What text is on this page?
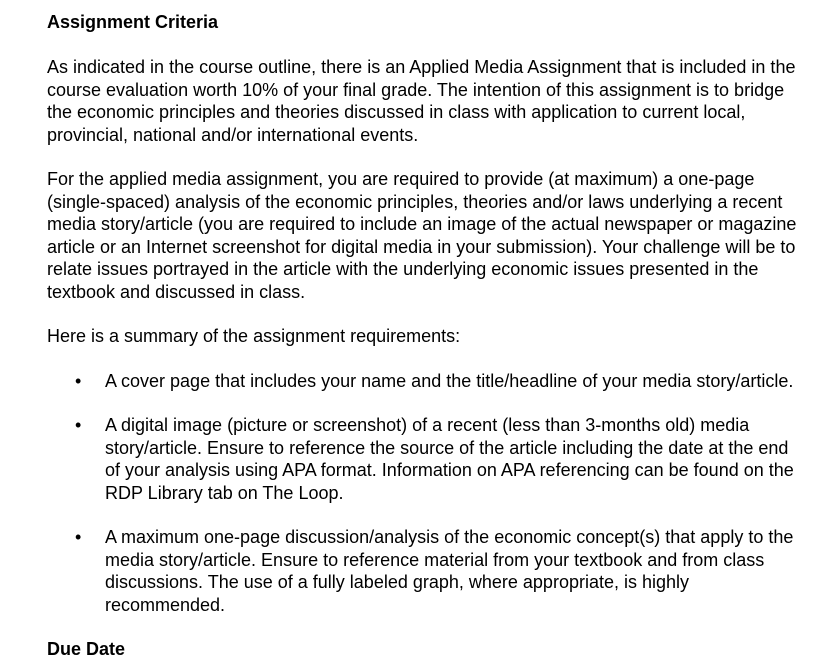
Assignment Criteria

As indicated in the course outline, there is an Applied Media Assignment that is included in the course evaluation worth 10% of your final grade. The intention of this assignment is to bridge the economic principles and theories discussed in class with application to current local, provincial, national and/or international events.

For the applied media assignment, you are required to provide (at maximum) a one-page (single-spaced) analysis of the economic principles, theories and/or laws underlying a recent media story/article (you are required to include an image of the actual newspaper or magazine article or an Internet screenshot for digital media in your submission). Your challenge will be to relate issues portrayed in the article with the underlying economic issues presented in the textbook and discussed in class.

Here is a summary of the assignment requirements:

• A cover page that includes your name and the title/headline of your media story/article.
• A digital image (picture or screenshot) of a recent (less than 3-months old) media story/article. Ensure to reference the source of the article including the date at the end of your analysis using APA format. Information on APA referencing can be found on the RDP Library tab on The Loop.
• A maximum one-page discussion/analysis of the economic concept(s) that apply to the media story/article. Ensure to reference material from your textbook and from class discussions. The use of a fully labeled graph, where appropriate, is highly recommended.
Due Date
